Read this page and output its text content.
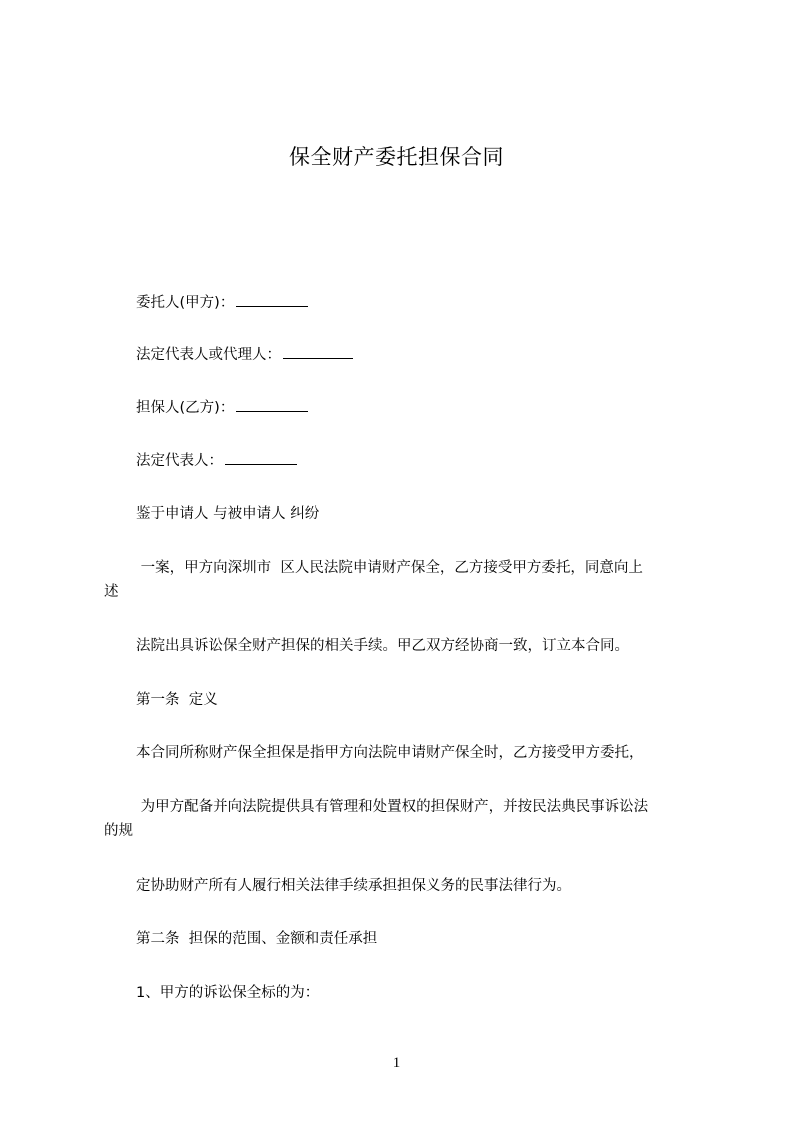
保全财产委托担保合同
委托人(甲方)：
法定代表人或代理人：
担保人(乙方)：
法定代表人：
鉴于申请人 与被申请人 纠纷
一案，甲方向深圳市  区人民法院申请财产保全，乙方接受甲方委托，同意向上
述
法院出具诉讼保全财产担保的相关手续。甲乙双方经协商一致，订立本合同。
第一条  定义
本合同所称财产保全担保是指甲方向法院申请财产保全时，乙方接受甲方委托，
为甲方配备并向法院提供具有管理和处置权的担保财产，并按民法典民事诉讼法
的规
定协助财产所有人履行相关法律手续承担担保义务的民事法律行为。
第二条  担保的范围、金额和责任承担
1、甲方的诉讼保全标的为：
1
